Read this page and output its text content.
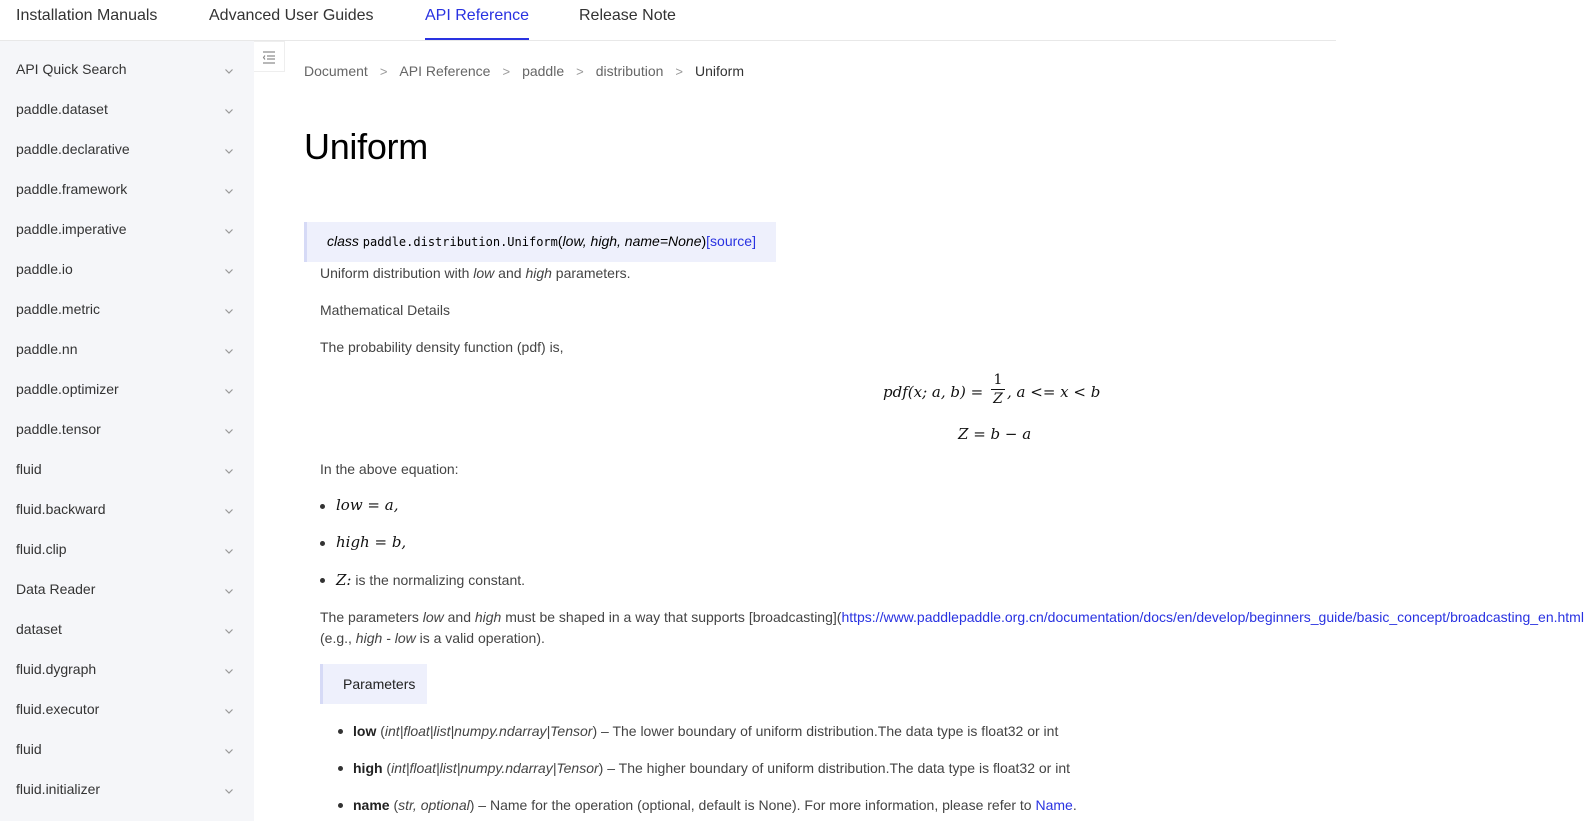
Installation Manuals	Advanced User Guides	API Reference	Release Note
API Quick Search
paddle.dataset
paddle.declarative
paddle.framework
paddle.imperative
paddle.io
paddle.metric
paddle.nn
paddle.optimizer
paddle.tensor
fluid
fluid.backward
fluid.clip
Data Reader
dataset
fluid.dygraph
fluid.executor
fluid
fluid.initializer
Document > API Reference > paddle > distribution > Uniform
Uniform
class paddle.distribution.Uniform(low, high, name=None)[source]
Uniform distribution with low and high parameters.
Mathematical Details
The probability density function (pdf) is,
pdf(x; a, b) =
1
Z , a <= x < b
Z = b − a
In the above equation:
low = a,
high = b,
Z: is the normalizing constant.
The parameters low and high must be shaped in a way that supports [broadcasting](https://www.paddlepaddle.org.cn/documentation/docs/en/develop/beginners_guide/basic_concept/broadcasting_en.html
(e.g., high - low is a valid operation).
Parameters
low (int|float|list|numpy.ndarray|Tensor) – The lower boundary of uniform distribution.The data type is float32 or int
high (int|float|list|numpy.ndarray|Tensor) – The higher boundary of uniform distribution.The data type is float32 or int
name (str, optional) – Name for the operation (optional, default is None). For more information, please refer to Name.
